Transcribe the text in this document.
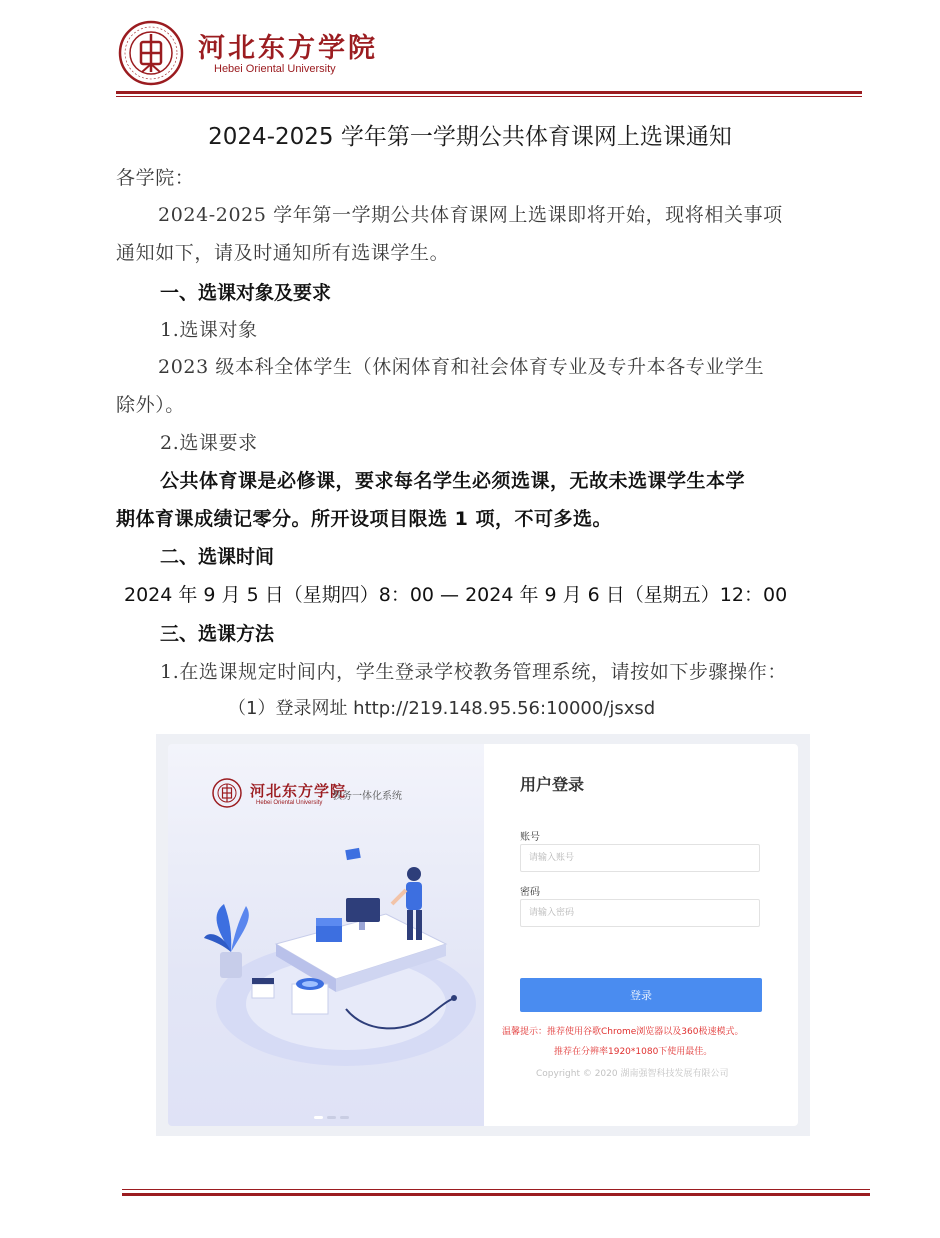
河北东方学院
Hebei Oriental University
2024-2025 学年第一学期公共体育课网上选课通知
各学院：
2024-2025 学年第一学期公共体育课网上选课即将开始，现将相关事项
通知如下，请及时通知所有选课学生。
一、选课对象及要求
1.选课对象
2023 级本科全体学生（休闲体育和社会体育专业及专升本各专业学生
除外）。
2.选课要求
公共体育课是必修课，要求每名学生必须选课，无故未选课学生本学
期体育课成绩记零分。所开设项目限选 1 项，不可多选。
二、选课时间
2024 年 9 月 5 日（星期四）8：00 — 2024 年 9 月 6 日（星期五）12：00
三、选课方法
1.在选课规定时间内，学生登录学校教务管理系统，请按如下步骤操作：
（1）登录网址 http://219.148.95.56:10000/jsxsd
河北东方学院
Hebei Oriental University
教务一体化系统
用户登录
账号
请输入账号
密码
登录
温馨提示：推荐使用谷歌Chrome浏览器以及360极速模式。
推荐在分辨率1920*1080下使用最佳。
Copyright © 2020 湖南强智科技发展有限公司
